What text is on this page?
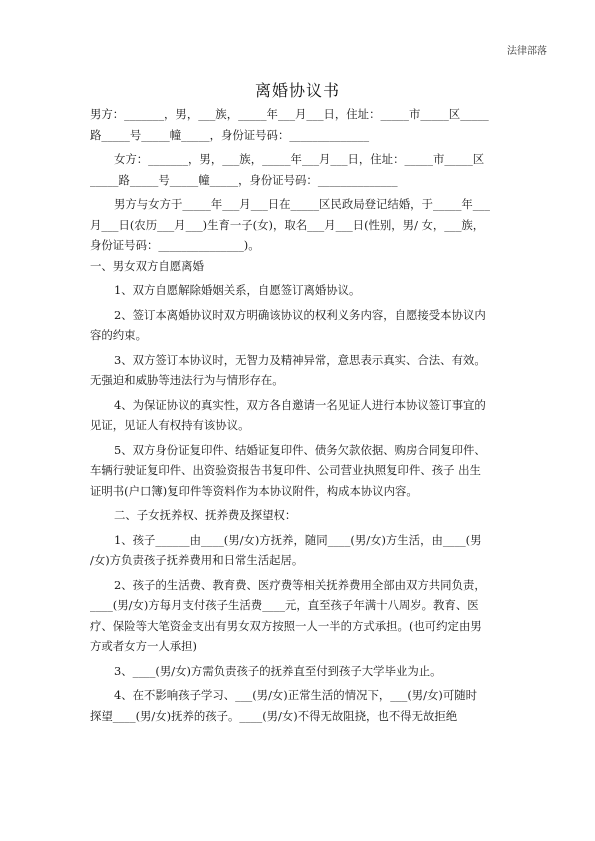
法律部落
离婚协议书
男方：_______，男，___族，_____年___月___日，住址：_____市_____区_____
路_____号_____幢_____，身份证号码：______________
女方：_______，男，___族，_____年___月___日，住址：_____市_____区
_____路_____号_____幢_____，身份证号码：______________
男方与女方于_____年___月___日在_____区民政局登记结婚，于_____年___
月___日(农历___月___)生育一子(女)，取名___月___日(性别，男/ 女，___族，
身份证号码：_______________)。
一、男女双方自愿离婚
1、双方自愿解除婚姻关系，自愿签订离婚协议。
2、签订本离婚协议时双方明确该协议的权利义务内容，自愿接受本协议内
容的约束。
3、双方签订本协议时，无智力及精神异常，意思表示真实、合法、有效。
无强迫和威胁等违法行为与情形存在。
4、为保证协议的真实性，双方各自邀请一名见证人进行本协议签订事宜的
见证，见证人有权持有该协议。
5、双方身份证复印件、结婚证复印件、债务欠款依据、购房合同复印件、
车辆行驶证复印件、出资验资报告书复印件、公司营业执照复印件、孩子 出生
证明书(户口簿)复印件等资料作为本协议附件，构成本协议内容。
二、子女抚养权、抚养费及探望权：
1、孩子______由____(男/女)方抚养，随同____(男/女)方生活，由____(男
/女)方负责孩子抚养费用和日常生活起居。
2、孩子的生活费、教育费、医疗费等相关抚养费用全部由双方共同负责，
____(男/女)方每月支付孩子生活费____元，直至孩子年满十八周岁。教育、医
疗、保险等大笔资金支出有男女双方按照一人一半的方式承担。(也可约定由男
方或者女方一人承担)
3、____(男/女)方需负责孩子的抚养直至付到孩子大学毕业为止。
4、在不影响孩子学习、___(男/女)正常生活的情况下，___(男/女)可随时
探望____(男/女)抚养的孩子。____(男/女)不得无故阻挠，也不得无故拒绝
